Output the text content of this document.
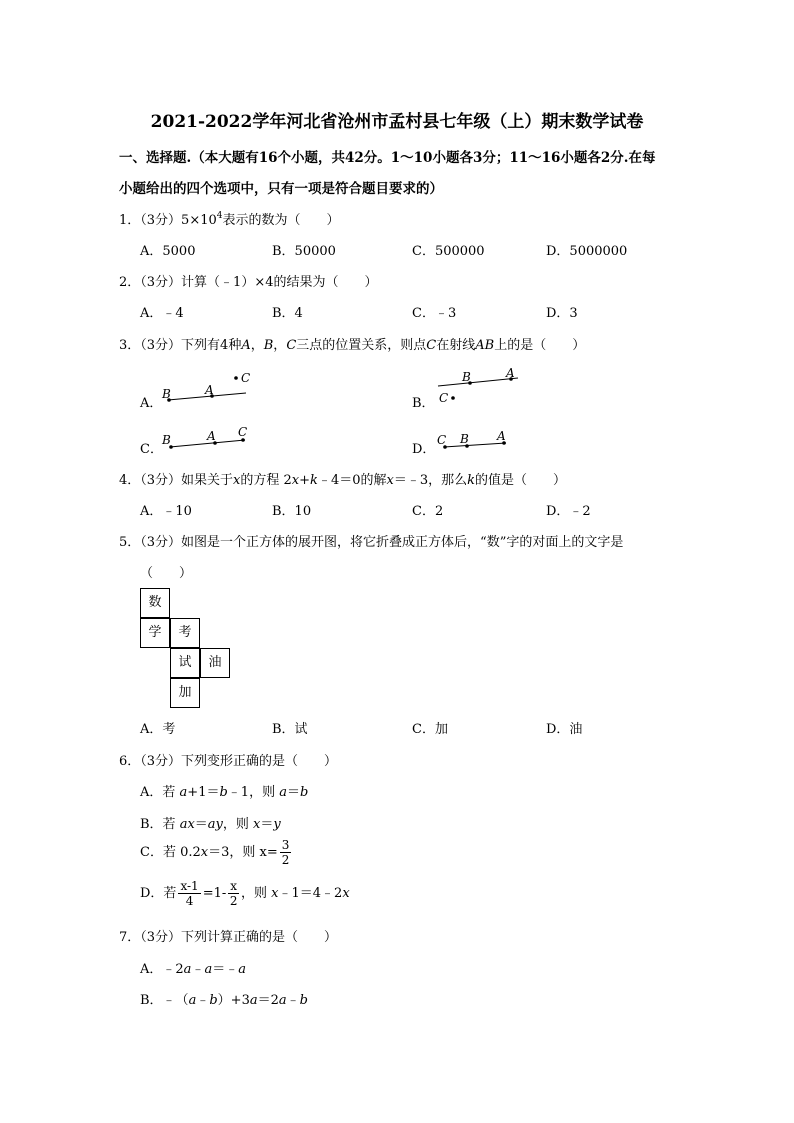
2021-2022学年河北省沧州市孟村县七年级（上）期末数学试卷
一、选择题.（本大题有16个小题，共42分。1～10小题各3分；11～16小题各2分.在每
小题给出的四个选项中，只有一项是符合题目要求的）
1．（3分）$5\times 10^4$表示的数为（　　）
A．5000	B．50000	C．500000	D．5000000
2．（3分）计算（﹣1）×4的结果为（　　）
A．﹣4	B．4	C．﹣3	D．3
3．（3分）下列有4种A，B，C三点的位置关系，则点C在射线AB上的是（　　）
A．
B	A
C
B．
B	A
C
C．
B	A C
D．
C B A
4．（3分）如果关于x的方程 2x+k﹣4＝0的解x＝﹣3，那么k的值是（　　）
A．﹣10	B．10	C．2	D．﹣2
5．（3分）如图是一个正方体的展开图，将它折叠成正方体后，“数”字的对面上的文字是
（　　）
数
学	考
试	油
加
A．考	B．试	C．加	D．油
6．（3分）下列变形正确的是（　　）
A．若 a+1＝b﹣1，则 a＝b
B．若 ax＝ay，则 x＝y
C．若 0.2x＝3，则 $x= \frac{3}{2}$
D．若 $\frac{x-1}{4} =1- \frac{x}{2}$ ，则 x﹣1＝4﹣2x
7．（3分）下列计算正确的是（　　）
A．﹣2a﹣a＝﹣a
B．﹣（a﹣b）+3a＝2a﹣b
